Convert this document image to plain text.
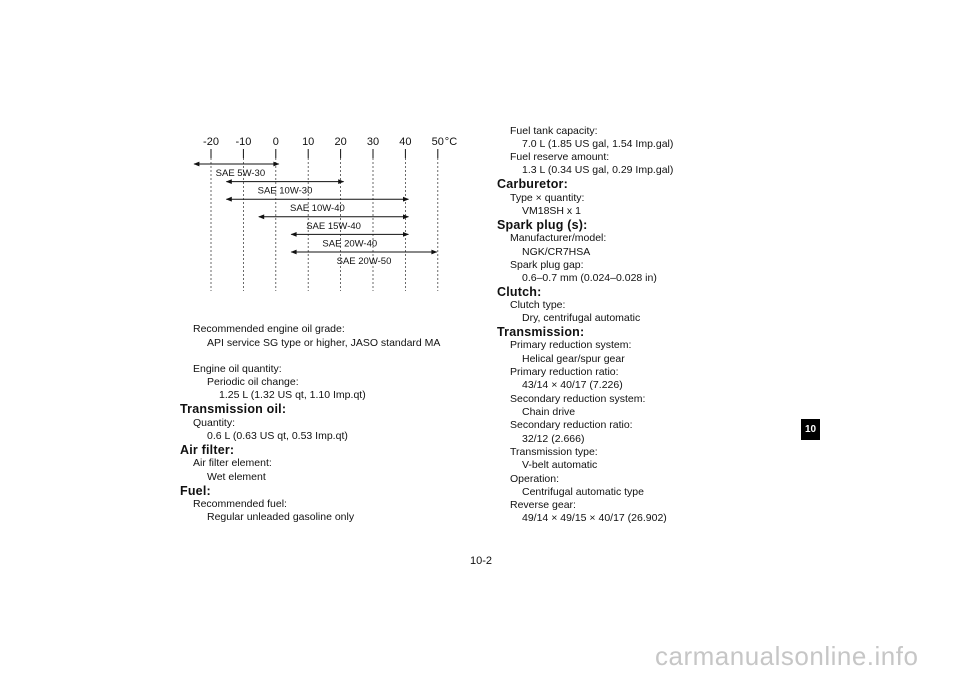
-20 -10 0 10 20 30 40 50 °C
SAE 5W-30
SAE 10W-30
SAE 10W-40
SAE 15W-40
SAE 20W-40
SAE 20W-50
Recommended engine oil grade:
API service SG type or higher, JASO standard MA
Engine oil quantity:
Periodic oil change:
1.25 L (1.32 US qt, 1.10 Imp.qt)
Transmission oil:
Quantity:
0.6 L (0.63 US qt, 0.53 Imp.qt)
Air filter:
Air filter element:
Wet element
Fuel:
Recommended fuel:
Regular unleaded gasoline only
Fuel tank capacity:
7.0 L (1.85 US gal, 1.54 Imp.gal)
Fuel reserve amount:
1.3 L (0.34 US gal, 0.29 Imp.gal)
Carburetor:
Type × quantity:
VM18SH x 1
Spark plug (s):
Manufacturer/model:
NGK/CR7HSA
Spark plug gap:
0.6–0.7 mm (0.024–0.028 in)
Clutch:
Clutch type:
Dry, centrifugal automatic
Transmission:
Primary reduction system:
Helical gear/spur gear
Primary reduction ratio:
43/14 × 40/17 (7.226)
Secondary reduction system:
Chain drive
Secondary reduction ratio:
32/12 (2.666)
Transmission type:
V-belt automatic
Operation:
Centrifugal automatic type
Reverse gear:
49/14 × 49/15 × 40/17 (26.902)
10
10-2
carmanualsonline.info
